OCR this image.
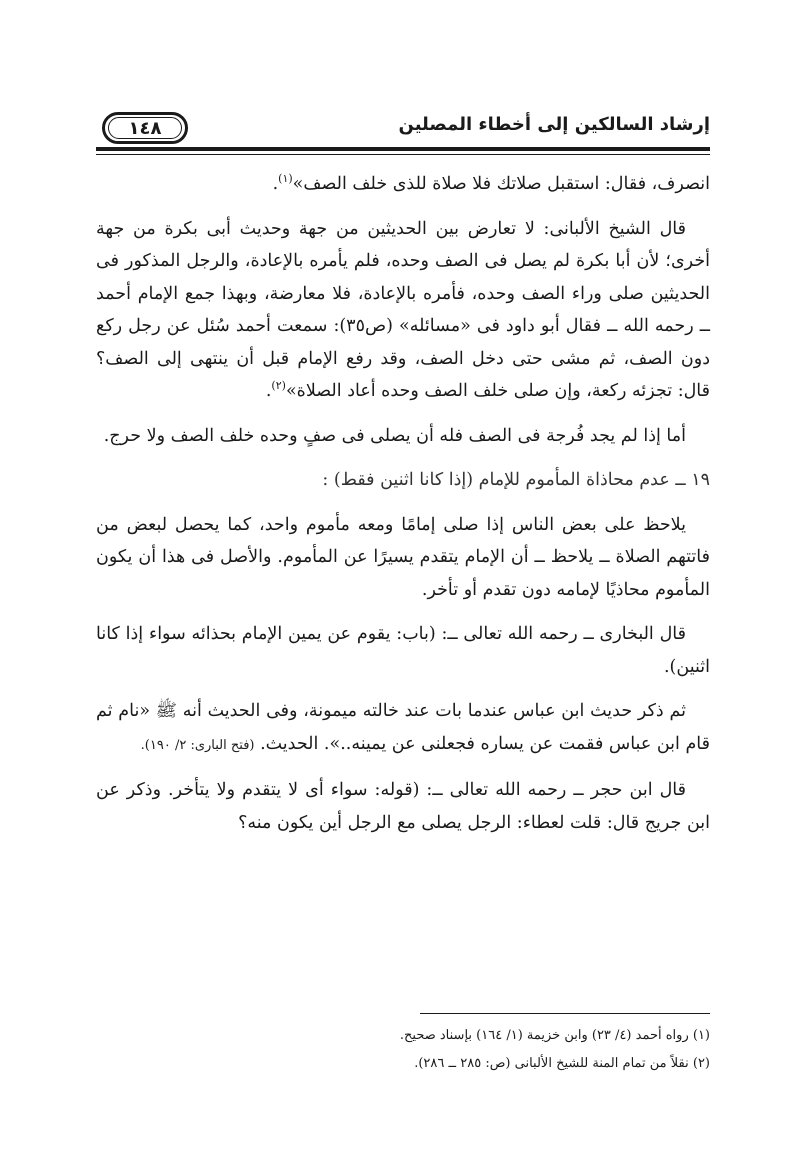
١٤٨	إرشاد السالكين إلى أخطاء المصلين

انصرف، فقال: استقبل صلاتك فلا صلاة للذى خلف الصف»$^{(١)}$.

قال الشيخ الألبانى: لا تعارض بين الحديثين من جهة وحديث أبى بكرة من جهة أخرى؛ لأن أبا بكرة لم يصل فى الصف وحده، فلم يأمره بالإعادة، والرجل المذكور فى الحديثين صلى وراء الصف وحده، فأمره بالإعادة، فلا معارضة، وبهذا جمع الإمام أحمد ــ رحمه الله ــ فقال أبو داود فى «مسائله» (ص٣٥): سمعت أحمد سُئل عن رجل ركع دون الصف، ثم مشى حتى دخل الصف، وقد رفع الإمام قبل أن ينتهى إلى الصف؟ قال: تجزئه ركعة، وإن صلى خلف الصف وحده أعاد الصلاة»$^{(٢)}$.

أما إذا لم يجد فُرجة فى الصف فله أن يصلى فى صفٍ وحده خلف الصف ولا حرج.

١٩ ــ عدم محاذاة المأموم للإمام (إذا كانا اثنين فقط) :

يلاحظ على بعض الناس إذا صلى إمامًا ومعه مأموم واحد، كما يحصل لبعض من فاتتهم الصلاة ــ يلاحظ ــ أن الإمام يتقدم يسيرًا عن المأموم. والأصل فى هذا أن يكون المأموم محاذيًا لإمامه دون تقدم أو تأخر.

قال البخارى ــ رحمه الله تعالى ــ: (باب: يقوم عن يمين الإمام بحذائه سواء إذا كانا اثنين).

ثم ذكر حديث ابن عباس عندما بات عند خالته ميمونة، وفى الحديث أنه ﷺ «نام ثم قام ابن عباس فقمت عن يساره فجعلنى عن يمينه..». الحديث. (فتح البارى: ٢/ ١٩٠).

قال ابن حجر ــ رحمه الله تعالى ــ: (قوله: سواء أى لا يتقدم ولا يتأخر. وذكر عن ابن جريج قال: قلت لعطاء: الرجل يصلى مع الرجل أين يكون منه؟

(١) رواه أحمد (٤/ ٢٣) وابن خزيمة (١/ ١٦٤) بإسناد صحيح.

(٢) نقلاً من تمام المنة للشيخ الألبانى (ص: ٢٨٥ ــ ٢٨٦).
